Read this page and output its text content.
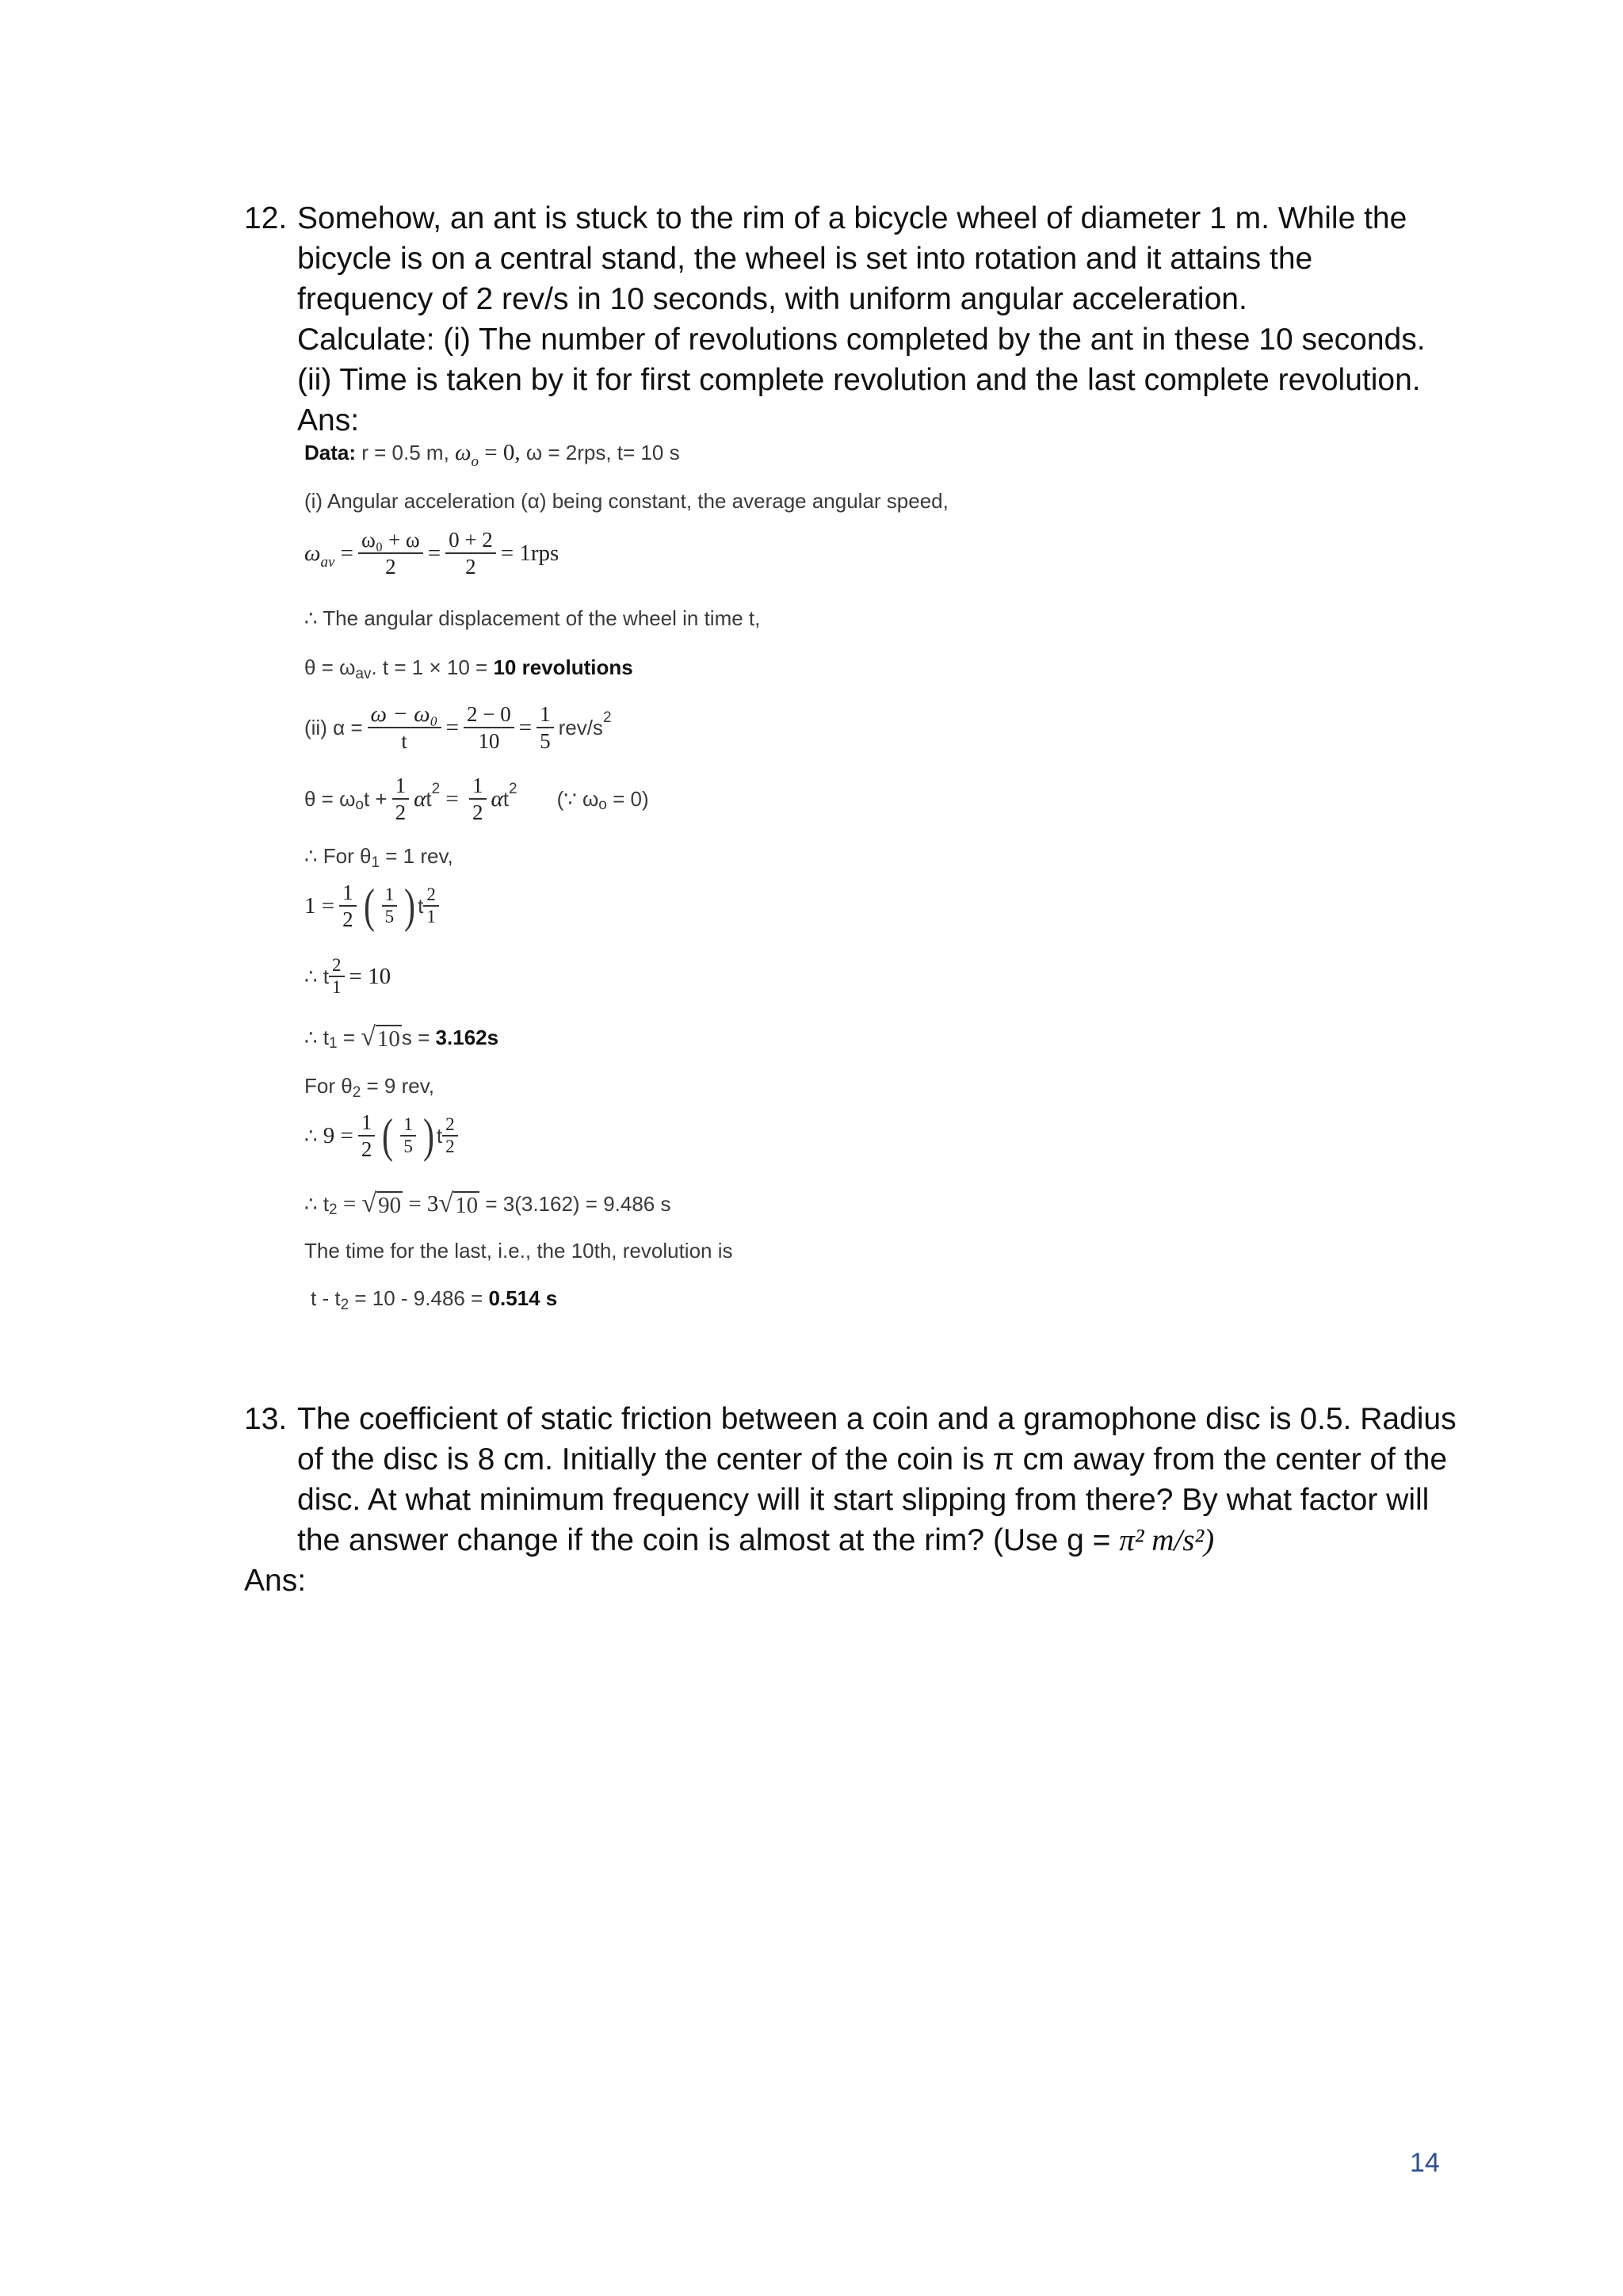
12. Somehow, an ant is stuck to the rim of a bicycle wheel of diameter 1 m. While the
bicycle is on a central stand, the wheel is set into rotation and it attains the
frequency of 2 rev/s in 10 seconds, with uniform angular acceleration.
Calculate: (i) The number of revolutions completed by the ant in these 10 seconds.
(ii) Time is taken by it for first complete revolution and the last complete revolution.
Ans:
Data:
r = 0.5 m,
$\omega_o$
= 0,
ω = 2rps, t= 10 s
(i) Angular acceleration (α) being constant, the average angular speed,
$\omega_{av}$
= $\frac{\text{ω₀ + ω}}{2} = \frac{0 + 2}{2} = 1rps$
∴ The angular displacement of the wheel in time t,
θ = ω av . t = 1 × 10 =
10 revolutions
(ii) $\alpha = \frac{\text{ω − ω₀}}{t} = \frac{2 - 0}{10} = \frac{1}{5} rev/s$ 2
θ = ω o $t + \frac{1}{2}$ α t $2 = \frac{1}{2}$ α t 2 (∵ ω o
= 0)
∴ For θ 1
= 1 rev,
$1 = \frac{1}{2}$ ( 1
5 ) t 2
1
∴ t $\frac{2}{1} = 10$
∴ t 1
=
√ 10 s = 3.162s
For θ 2
= 9 rev,
∴ $9 = \frac{1}{2}$ ( 1
5 ) t 2
2
∴ t 2
=
√ 90
= 3 √ 10
= 3(3.162) = 9.486 s
The time for the last, i.e., the 10th, revolution is
t - t 2
= 10 - 9.486 =
0.514 s
13. The coefficient of static friction between a coin and a gramophone disc is 0.5. Radius
of the disc is 8 cm. Initially the center of the coin is π cm away from the center of the
disc. At what minimum frequency will it start slipping from there? By what factor will
the answer change if the coin is almost at the rim? (Use g = π² m/s²)
Ans:
14
